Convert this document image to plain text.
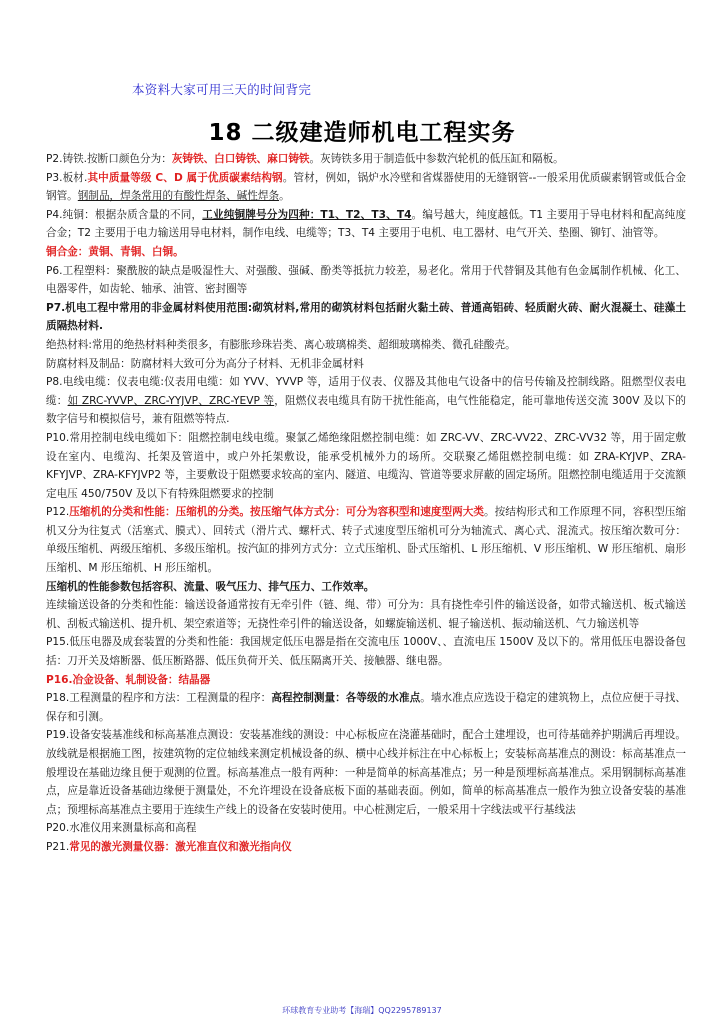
本资料大家可用三天的时间背完
18 二级建造师机电工程实务

P2.铸铁.按断口颜色分为：灰铸铁、白口铸铁、麻口铸铁。灰铸铁多用于制造低中参数汽轮机的低压缸和隔板。

P3.板材.其中质量等级 C、D 属于优质碳素结构钢。管材，例如，锅炉水冷壁和省煤器使用的无缝钢管--一般采用优质碳素钢管或低合金钢管。钢制品，焊条常用的有酸性焊条、碱性焊条。

P4.纯铜：根据杂质含量的不同，工业纯铜牌号分为四种：T1、T2、T3、T4。编号越大，纯度越低。T1 主要用于导电材料和配高纯度合金；T2 主要用于电力输送用导电材料，制作电线、电缆等；T3、T4 主要用于电机、电工器材、电气开关、垫圈、铆钉、油管等。

铜合金：黄铜、青铜、白铜。

P6.工程塑料：聚酰胺的缺点是吸湿性大、对强酸、强碱、酚类等抵抗力较差，易老化。常用于代替铜及其他有色金属制作机械、化工、电器零件，如齿轮、轴承、油管、密封圈等

P7.机电工程中常用的非金属材料使用范围:砌筑材料,常用的砌筑材料包括耐火黏土砖、普通高铝砖、轻质耐火砖、耐火混凝土、硅藻土质隔热材料.

绝热材料:常用的绝热材料种类很多，有膨胀珍珠岩类、离心玻璃棉类、超细玻璃棉类、微孔硅酸壳。

防腐材料及制品：防腐材料大致可分为高分子材料、无机非金属材料

P8.电线电缆：仪表电缆:仪表用电缆：如 YVV、YVVP 等，适用于仪表、仪器及其他电气设备中的信号传输及控制线路。阻燃型仪表电缆：如 ZRC-YVVP、ZRC-YYJVP、ZRC-YEVP 等，阻燃仪表电缆具有防干扰性能高，电气性能稳定，能可靠地传送交流 300V 及以下的数字信号和模拟信号，兼有阻燃等特点.

P10.常用控制电线电缆如下：阻燃控制电线电缆。聚氯乙烯绝缘阻燃控制电缆：如 ZRC-VV、ZRC-VV22、ZRC-VV32 等，用于固定敷设在室内、电缆沟、托架及管道中，或户外托架敷设，能承受机械外力的场所。交联聚乙烯阻燃控制电缆：如 ZRA-KYJVP、ZRA-KFYJVP、ZRA-KFYJVP2 等，主要敷设于阻燃要求较高的室内、隧道、电缆沟、管道等要求屏蔽的固定场所。阻燃控制电缆适用于交流额定电压 450/750V 及以下有特殊阻燃要求的控制

P12.压缩机的分类和性能：压缩机的分类。按压缩气体方式分：可分为容积型和速度型两大类。按结构形式和工作原理不同，容积型压缩机又分为往复式（活塞式、膜式）、回转式（滑片式、螺杆式、转子式速度型压缩机可分为轴流式、离心式、混流式。按压缩次数可分：单级压缩机、两级压缩机、多级压缩机。按汽缸的排列方式分：立式压缩机、卧式压缩机、L 形压缩机、V 形压缩机、W 形压缩机、扇形压缩机、M 形压缩机、H 形压缩机。

压缩机的性能参数包括容积、流量、吸气压力、排气压力、工作效率。

连续输送设备的分类和性能：输送设备通常按有无牵引件（链、绳、带）可分为：具有挠性牵引件的输送设备，如带式输送机、板式输送机、刮板式输送机、提升机、架空索道等；无挠性牵引件的输送设备，如螺旋输送机、辊子输送机、振动输送机、气力输送机等

P15.低压电器及成套装置的分类和性能：我国规定低压电器是指在交流电压 1000V、、直流电压 1500V 及以下的。常用低压电器设备包括：刀开关及熔断器、低压断路器、低压负荷开关、低压隔离开关、接触器、继电器。

P16.冶金设备、轧制设备：结晶器

P18.工程测量的程序和方法：工程测量的程序：高程控制测量：各等级的水准点。墙水准点应选设于稳定的建筑物上，点位应便于寻找、保存和引测。

P19.设备安装基准线和标高基准点测设：安装基准线的测设：中心标板应在浇灌基础时，配合土建埋设，也可待基础养护期满后再埋设。放线就是根据施工图，按建筑物的定位轴线来测定机械设备的纵、横中心线并标注在中心标板上；安装标高基准点的测设：标高基准点一般埋设在基础边缘且便于观测的位置。标高基准点一般有两种：一种是简单的标高基准点；另一种是预埋标高基准点。采用钢制标高基准点，应是靠近设备基础边缘便于测量处，不允许埋设在设备底板下面的基础表面。例如，简单的标高基准点一般作为独立设备安装的基准点；预埋标高基准点主要用于连续生产线上的设备在安装时使用。中心桩测定后，一般采用十字线法或平行基线法

P20.水准仪用来测量标高和高程

P21.常见的激光测量仪器：激光准直仪和激光指向仪

环球教育专业助考【海瑞】QQ2295789137
